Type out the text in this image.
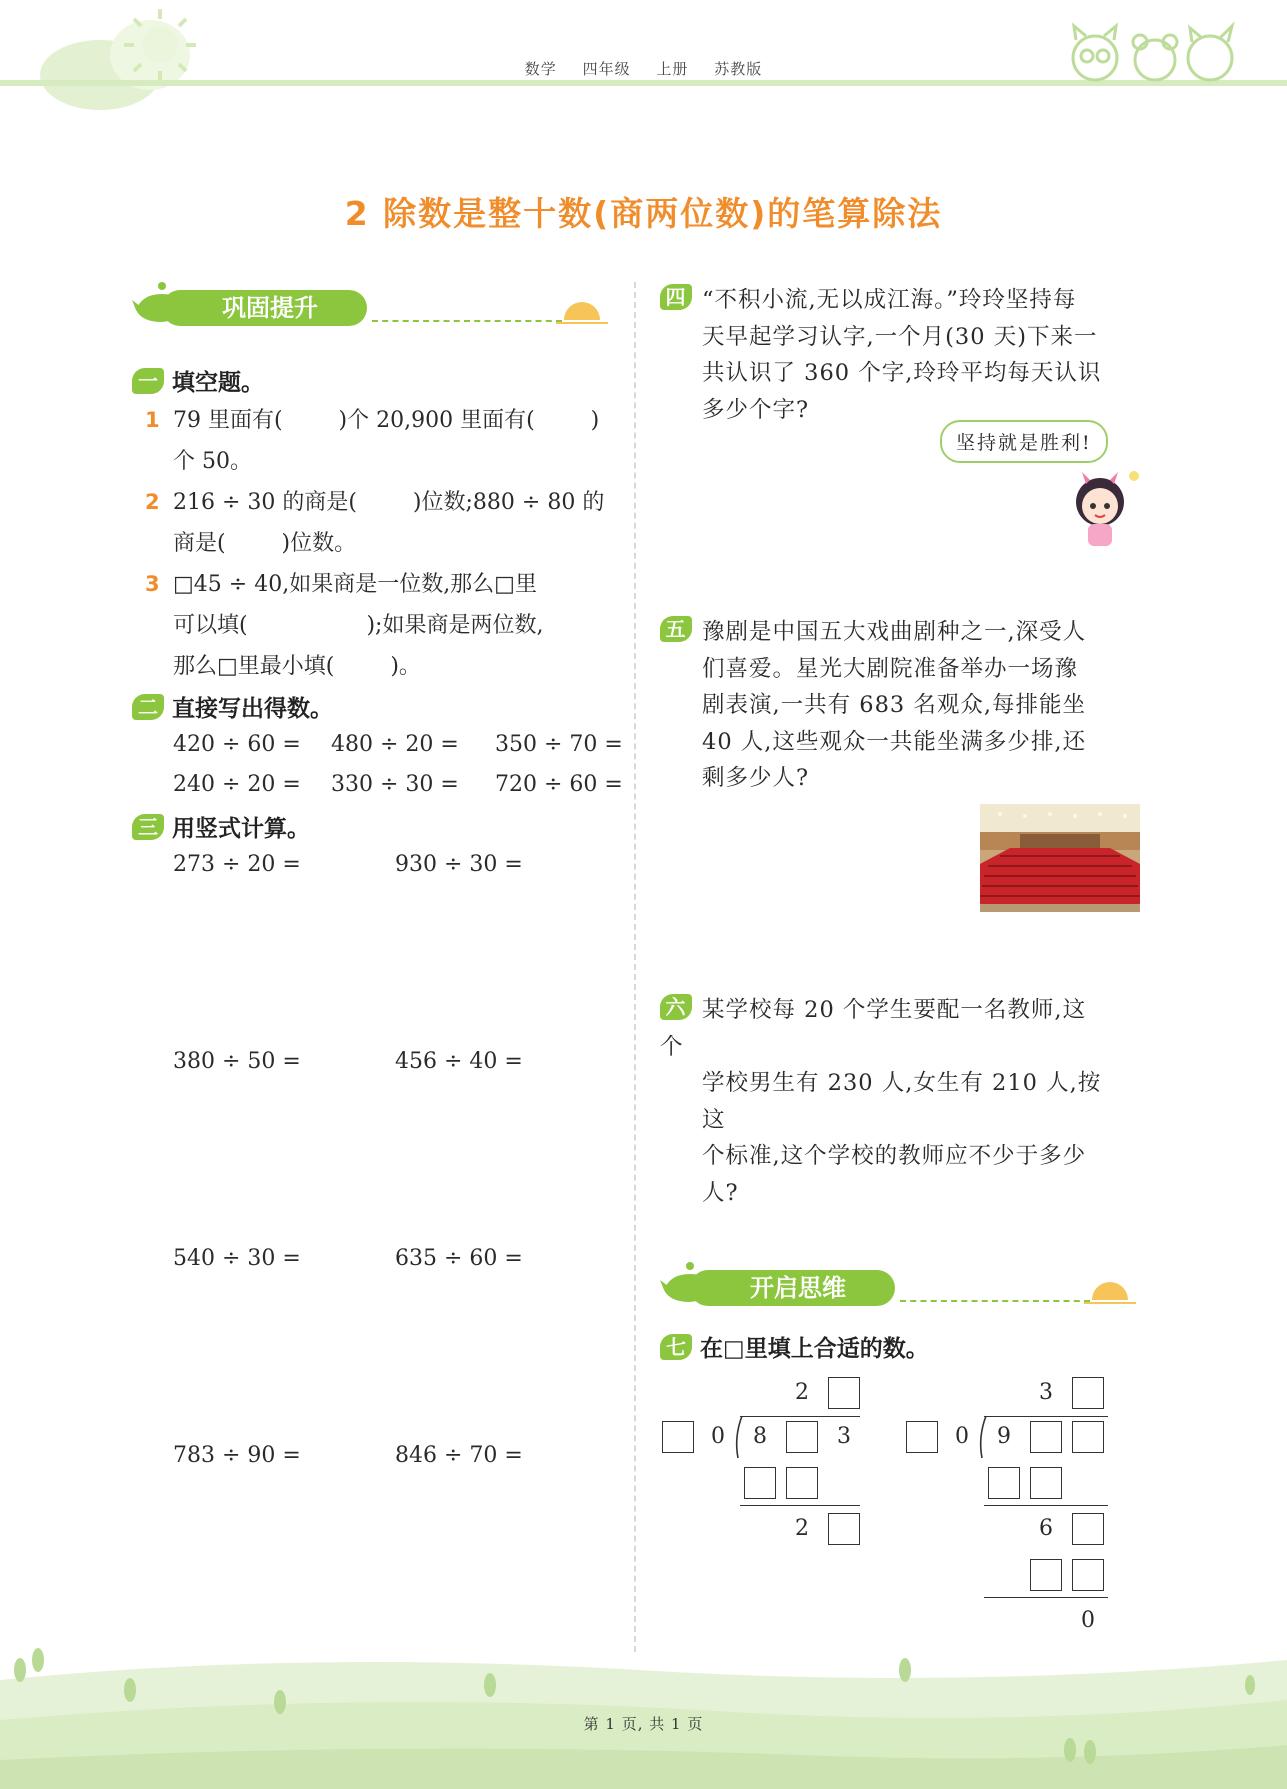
数学 四年级 上册 苏教版
2 除数是整十数(商两位数)的笔算除法
巩固提升
一 填空题。
1 79 里面有(        )个 20,900 里面有(        )
个 50。
2 216 ÷ 30 的商是(        )位数;880 ÷ 80 的
商是(        )位数。
3 □45 ÷ 40,如果商是一位数,那么□里
可以填(                 );如果商是两位数,
那么□里最小填(        )。
二 直接写出得数。
420 ÷ 60 = 480 ÷ 20 = 350 ÷ 70 =
240 ÷ 20 = 330 ÷ 30 = 720 ÷ 60 =
三 用竖式计算。
273 ÷ 20 =	930 ÷ 30 =
380 ÷ 50 =	456 ÷ 40 =
540 ÷ 30 =	635 ÷ 60 =
783 ÷ 90 =	846 ÷ 70 =
四 “不积小流,无以成江海。”玲玲坚持每
天早起学习认字,一个月(30 天)下来一
共认识了 360 个字,玲玲平均每天认识
多少个字?
坚持就是胜利!
五 豫剧是中国五大戏曲剧种之一,深受人
们喜爱。星光大剧院准备举办一场豫
剧表演,一共有 683 名观众,每排能坐
40 人,这些观众一共能坐满多少排,还
剩多少人?
六 某学校每 20 个学生要配一名教师,这个
学校男生有 230 人,女生有 210 人,按这
个标准,这个学校的教师应不少于多少
人?
开启思维
七 在□里填上合适的数。
2
0	8	3
2
3
0	9
6
0
第 1 页, 共 1 页
